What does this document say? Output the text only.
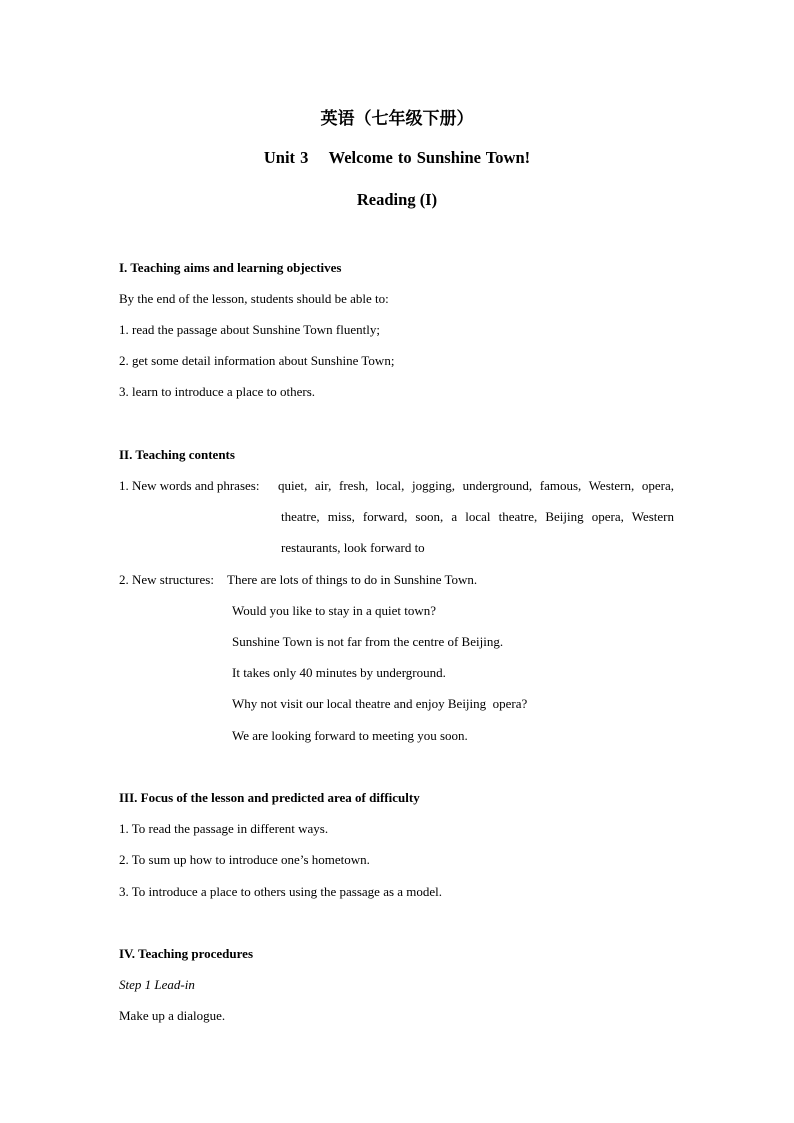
英语（七年级下册）
Unit 3    Welcome to Sunshine Town!
Reading (I)
I. Teaching aims and learning objectives
By the end of the lesson, students should be able to:
1. read the passage about Sunshine Town fluently;
2. get some detail information about Sunshine Town;
3. learn to introduce a place to others.
II. Teaching contents
1. New words and phrases: quiet, air, fresh, local, jogging, underground, famous, Western, opera,
theatre, miss, forward, soon, a local theatre, Beijing opera, Western
restaurants, look forward to
2. New structures: There are lots of things to do in Sunshine Town.
Would you like to stay in a quiet town?
Sunshine Town is not far from the centre of Beijing.
It takes only 40 minutes by underground.
Why not visit our local theatre and enjoy Beijing  opera?
We are looking forward to meeting you soon.
III. Focus of the lesson and predicted area of difficulty
1. To read the passage in different ways.
2. To sum up how to introduce one’s hometown.
3. To introduce a place to others using the passage as a model.
IV. Teaching procedures
Step 1 Lead-in
Make up a dialogue.
